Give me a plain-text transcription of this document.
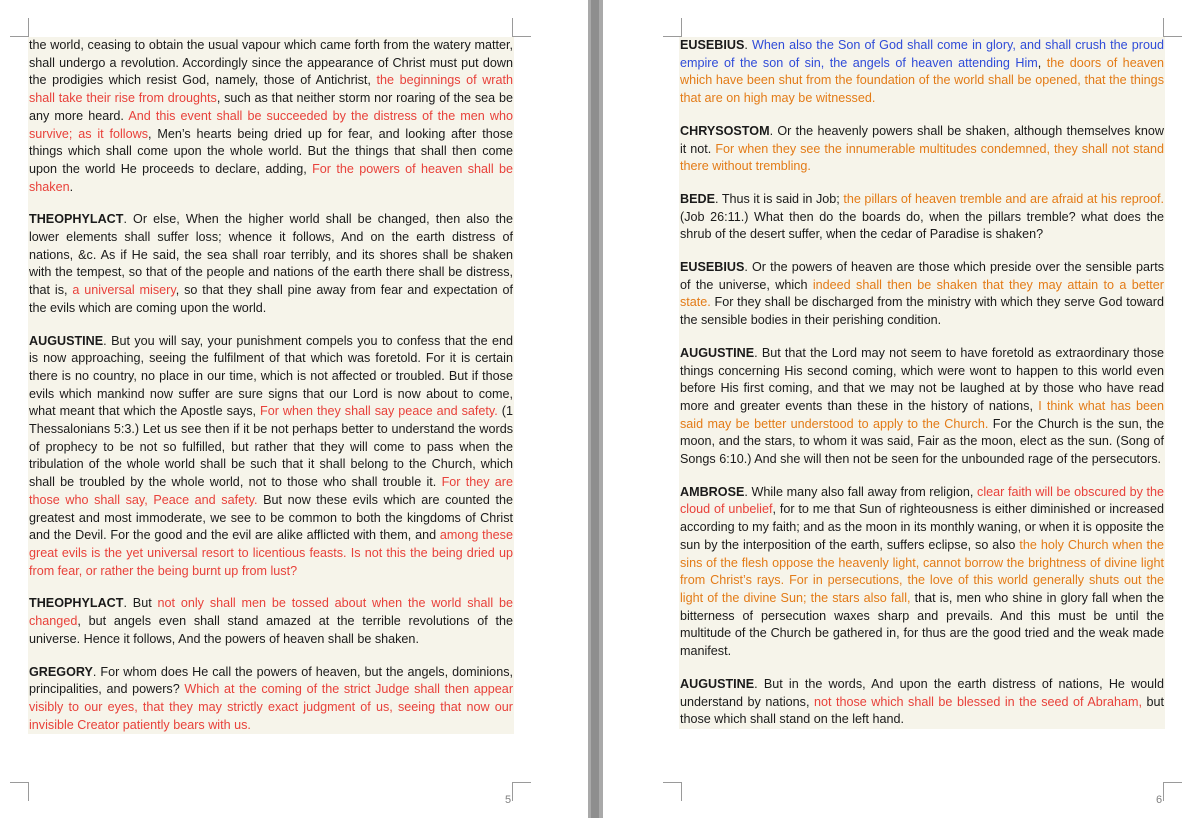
the world, ceasing to obtain the usual vapour which came forth from the watery matter, shall undergo a revolution. Accordingly since the appearance of Christ must put down the prodigies which resist God, namely, those of Antichrist, the beginnings of wrath shall take their rise from droughts, such as that neither storm nor roaring of the sea be any more heard. And this event shall be succeeded by the distress of the men who survive; as it follows, Men’s hearts being dried up for fear, and looking after those things which shall come upon the whole world. But the things that shall then come upon the world He proceeds to declare, adding, For the powers of heaven shall be shaken.

THEOPHYLACT. Or else, When the higher world shall be changed, then also the lower elements shall suffer loss; whence it follows, And on the earth distress of nations, &c. As if He said, the sea shall roar terribly, and its shores shall be shaken with the tempest, so that of the people and nations of the earth there shall be distress, that is, a universal misery, so that they shall pine away from fear and expectation of the evils which are coming upon the world.

AUGUSTINE. But you will say, your punishment compels you to confess that the end is now approaching, seeing the fulfilment of that which was foretold. For it is certain there is no country, no place in our time, which is not affected or troubled. But if those evils which mankind now suffer are sure signs that our Lord is now about to come, what meant that which the Apostle says, For when they shall say peace and safety. (1 Thessalonians 5:3.) Let us see then if it be not perhaps better to understand the words of prophecy to be not so fulfilled, but rather that they will come to pass when the tribulation of the whole world shall be such that it shall belong to the Church, which shall be troubled by the whole world, not to those who shall trouble it. For they are those who shall say, Peace and safety. But now these evils which are counted the greatest and most immoderate, we see to be common to both the kingdoms of Christ and the Devil. For the good and the evil are alike afflicted with them, and among these great evils is the yet universal resort to licentious feasts. Is not this the being dried up from fear, or rather the being burnt up from lust?

THEOPHYLACT. But not only shall men be tossed about when the world shall be changed, but angels even shall stand amazed at the terrible revolutions of the universe. Hence it follows, And the powers of heaven shall be shaken.

GREGORY. For whom does He call the powers of heaven, but the angels, dominions, principalities, and powers? Which at the coming of the strict Judge shall then appear visibly to our eyes, that they may strictly exact judgment of us, seeing that now our invisible Creator patiently bears with us.

5	6

EUSEBIUS. When also the Son of God shall come in glory, and shall crush the proud empire of the son of sin, the angels of heaven attending Him, the doors of heaven which have been shut from the foundation of the world shall be opened, that the things that are on high may be witnessed.

CHRYSOSTOM. Or the heavenly powers shall be shaken, although themselves know it not. For when they see the innumerable multitudes condemned, they shall not stand there without trembling.

BEDE. Thus it is said in Job; the pillars of heaven tremble and are afraid at his reproof. (Job 26:11.) What then do the boards do, when the pillars tremble? what does the shrub of the desert suffer, when the cedar of Paradise is shaken?

EUSEBIUS. Or the powers of heaven are those which preside over the sensible parts of the universe, which indeed shall then be shaken that they may attain to a better state. For they shall be discharged from the ministry with which they serve God toward the sensible bodies in their perishing condition.

AUGUSTINE. But that the Lord may not seem to have foretold as extraordinary those things concerning His second coming, which were wont to happen to this world even before His first coming, and that we may not be laughed at by those who have read more and greater events than these in the history of nations, I think what has been said may be better understood to apply to the Church. For the Church is the sun, the moon, and the stars, to whom it was said, Fair as the moon, elect as the sun. (Song of Songs 6:10.) And she will then not be seen for the unbounded rage of the persecutors.

AMBROSE. While many also fall away from religion, clear faith will be obscured by the cloud of unbelief, for to me that Sun of righteousness is either diminished or increased according to my faith; and as the moon in its monthly waning, or when it is opposite the sun by the interposition of the earth, suffers eclipse, so also the holy Church when the sins of the flesh oppose the heavenly light, cannot borrow the brightness of divine light from Christ’s rays. For in persecutions, the love of this world generally shuts out the light of the divine Sun; the stars also fall, that is, men who shine in glory fall when the bitterness of persecution waxes sharp and prevails. And this must be until the multitude of the Church be gathered in, for thus are the good tried and the weak made manifest.

AUGUSTINE. But in the words, And upon the earth distress of nations, He would understand by nations, not those which shall be blessed in the seed of Abraham, but those which shall stand on the left hand.
